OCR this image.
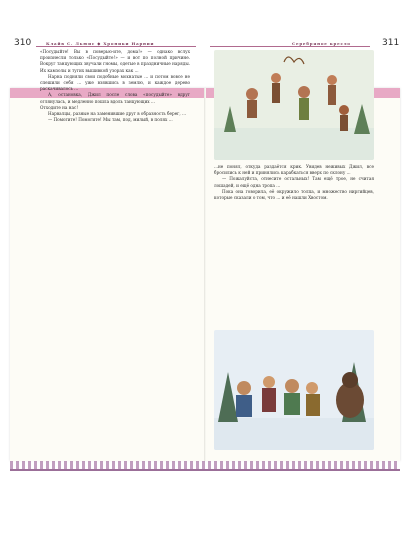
310	Клайв С. Льюис ◆ Хроники Нарнии	311
Серебряное кресло

«Посудыйте! Вы в поверью-ите, дома!» — однако вслух произнесли только «Посудыйте!» — и вот по полной причине. Вокруг танцующих звучали гномы, одетые в праздничные наряды. Их камзолы и тугих вышивкой узорах как ...

Нарна подняли свои подобные мохнатые ... и потом вовсе не спешили себя ... уже взявшись в землю, и каждое дерево раскачивалось ...

А, остановка, Джил после слова «посудыйте» вдруг оглянулась, и медленно пошла вдоль танцующих ...

Отходите на нас!

Нарвалцы, разные на заменившие друг в образность берег, ...

— Помогите! Помогите! Мы там, под, милый, в полях ...

...не понял, откуда раздаётся крик. Увидев неживых Джил, все бросились к ней и принялись карабкаться вверх по склону ...

— Пожалуйста, отнесите остальных! Там ещё трое, не считая лошадей, и ещё одна тропа ...

Пока она говорила, её окружило толпа, и множество ниргийцев, которые сказали о том, что ... и её нашли Хвостом.
